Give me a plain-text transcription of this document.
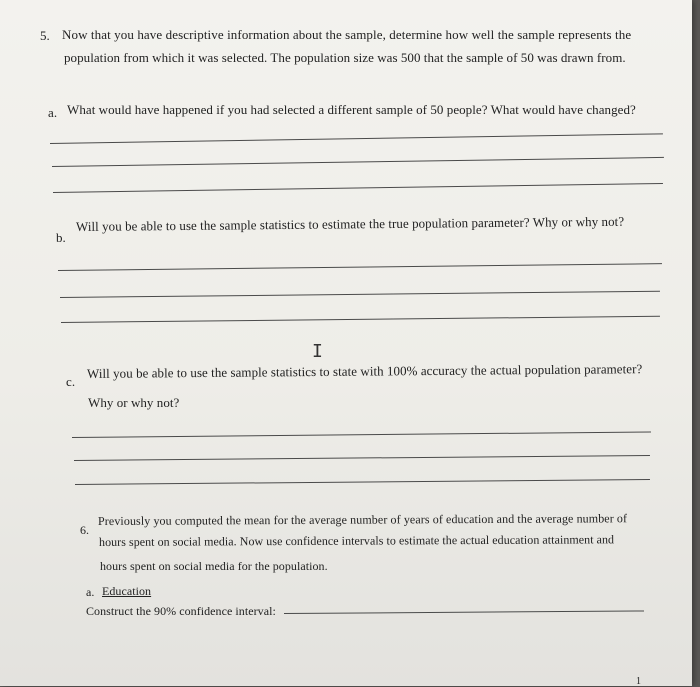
5. Now that you have descriptive information about the sample, determine how well the sample represents the
population from which it was selected. The population size was 500 that the sample of 50 was drawn from.
a. What would have happened if you had selected a different sample of 50 people? What would have changed?
b.
Will you be able to use the sample statistics to estimate the true population parameter? Why or why not?
I
c.
Will you be able to use the sample statistics to state with 100% accuracy the actual population parameter?
Why or why not?
6.
Previously you computed the mean for the average number of years of education and the average number of
hours spent on social media. Now use confidence intervals to estimate the actual education attainment and
hours spent on social media for the population.
a. Education
Construct the 90% confidence interval:
1
